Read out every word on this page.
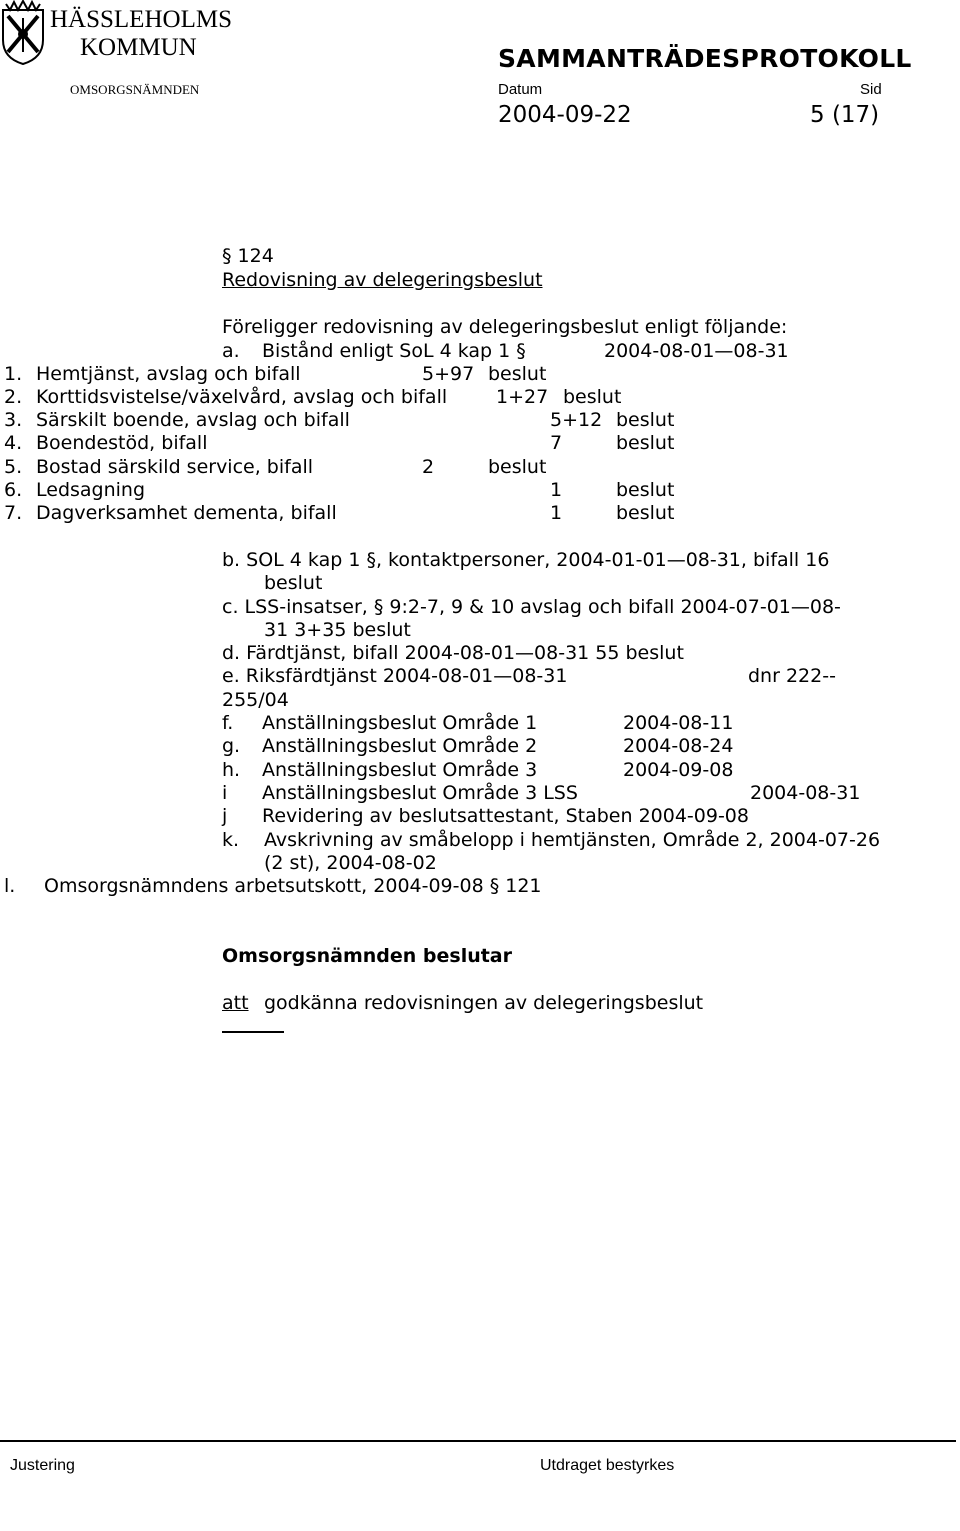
HÄSSLEHOLMS
KOMMUN	SAMMANTRÄDESPROTOKOLL
OMSORGSNÄMNDEN	Datum	Sid
2004-09-22	5 (17)
§ 124
Redovisning av delegeringsbeslut
Föreligger redovisning av delegeringsbeslut enligt följande:
a. Bistånd enligt SoL 4 kap 1 §	2004-08-01—08-31
1. Hemtjänst, avslag och bifall	5+97 beslut
2. Korttidsvistelse/växelvård, avslag och bifall	1+27 beslut
3. Särskilt boende, avslag och bifall	5+12 beslut
4. Boendestöd, bifall	7	beslut
5. Bostad särskild service, bifall	2	beslut
6. Ledsagning	1	beslut
7. Dagverksamhet dementa, bifall	1	beslut
b. SOL 4 kap 1 §, kontaktpersoner, 2004-01-01—08-31, bifall 16
beslut
c. LSS-insatser, § 9:2-7, 9 & 10 avslag och bifall 2004-07-01—08-
31 3+35 beslut
d. Färdtjänst, bifall 2004-08-01—08-31 55 beslut
e. Riksfärdtjänst 2004-08-01—08-31	dnr 222--
255/04
f. Anställningsbeslut Område 1	2004-08-11
g. Anställningsbeslut Område 2	2004-08-24
h. Anställningsbeslut Område 3	2004-09-08
i Anställningsbeslut Område 3 LSS	2004-08-31
j Revidering av beslutsattestant, Staben 2004-09-08
k. Avskrivning av småbelopp i hemtjänsten, Område 2, 2004-07-26
(2 st), 2004-08-02
l. Omsorgsnämndens arbetsutskott, 2004-09-08 § 121
Omsorgsnämnden beslutar
att godkänna redovisningen av delegeringsbeslut
Justering	Utdraget bestyrkes
